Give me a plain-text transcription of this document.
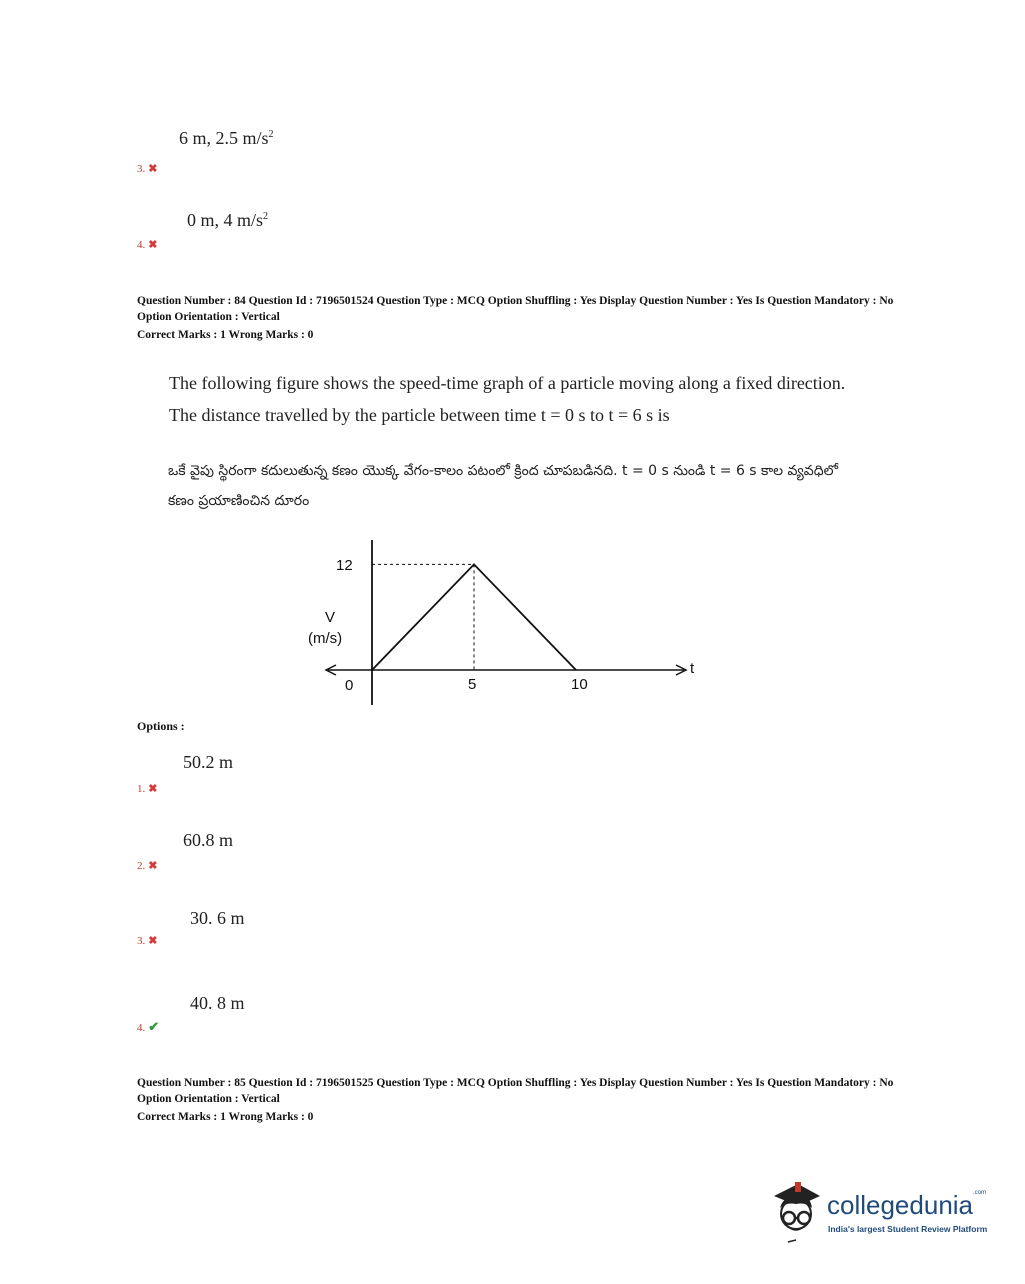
6 m, 2.5 $m/s^2$
3. ✖
0 m, 4 $m/s^2$
4. ✖
Question Number : 84 Question Id : 7196501524 Question Type : MCQ Option Shuffling : Yes Display Question Number : Yes Is Question Mandatory : No Option Orientation : Vertical
Correct Marks : 1 Wrong Marks : 0
The following figure shows the speed-time graph of a particle moving along a fixed direction. The distance travelled by the particle between time t = 0 s to t = 6 s is
ఒకే వైపు స్థిరంగా కదులుతున్న కణం యొక్క వేగం-కాలం పటంలో క్రింద చూపబడినది. t = 0 s నుండి t = 6 s కాల వ్యవధిలో కణం ప్రయాణించిన దూరం
12
V
(m/s)
0	5	10
t
Options :
50.2 m
1. ✖
60.8 m
2. ✖
30. 6 m
3. ✖
40. 8 m
4. ✔
Question Number : 85 Question Id : 7196501525 Question Type : MCQ Option Shuffling : Yes Display Question Number : Yes Is Question Mandatory : No Option Orientation : Vertical
Correct Marks : 1 Wrong Marks : 0
collegedunia$^{.com}$
India's largest Student Review Platform
